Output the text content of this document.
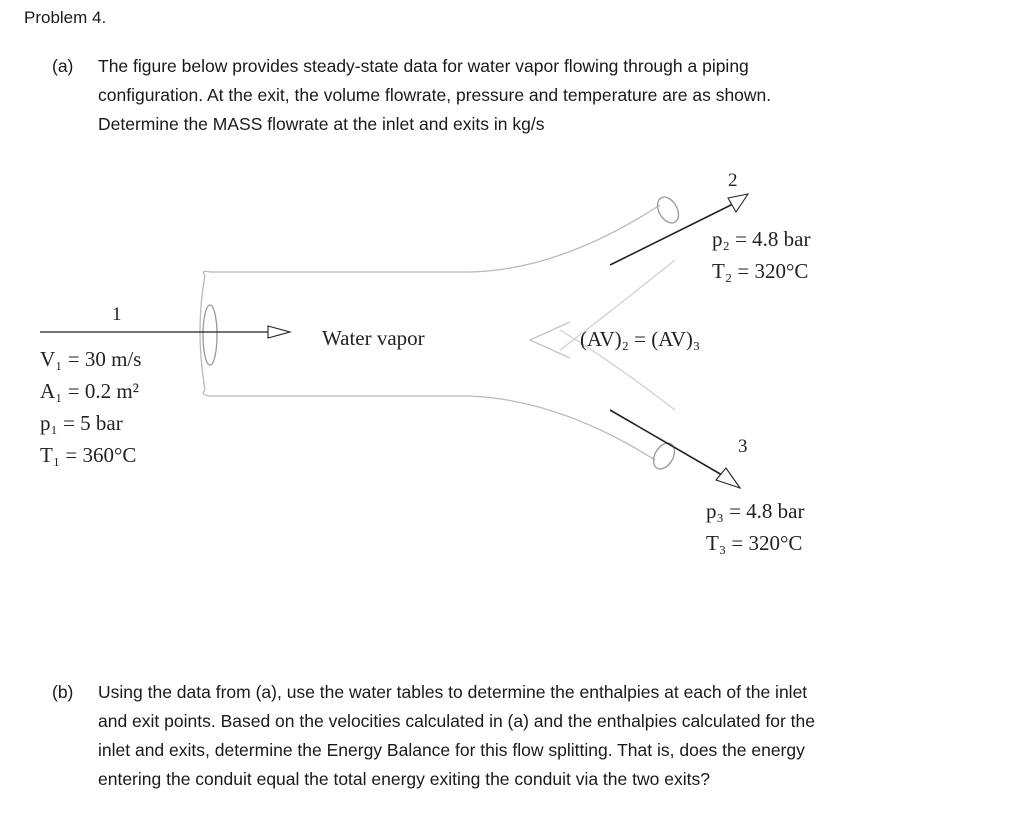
Problem 4.
(a) The figure below provides steady-state data for water vapor flowing through a piping
configuration. At the exit, the volume flowrate, pressure and temperature are as shown.
Determine the MASS flowrate at the inlet and exits in kg/s
1
V₁ = 30 m/s
A₁ = 0.2 m²
p₁ = 5 bar
T₁ = 360°C
Water vapor	(AV)₂ = (AV)₃
2
p₂ = 4.8 bar
T₂ = 320°C
3
p₃ = 4.8 bar
T₃ = 320°C
(b) Using the data from (a), use the water tables to determine the enthalpies at each of the inlet
and exit points. Based on the velocities calculated in (a) and the enthalpies calculated for the
inlet and exits, determine the Energy Balance for this flow splitting. That is, does the energy
entering the conduit equal the total energy exiting the conduit via the two exits?
